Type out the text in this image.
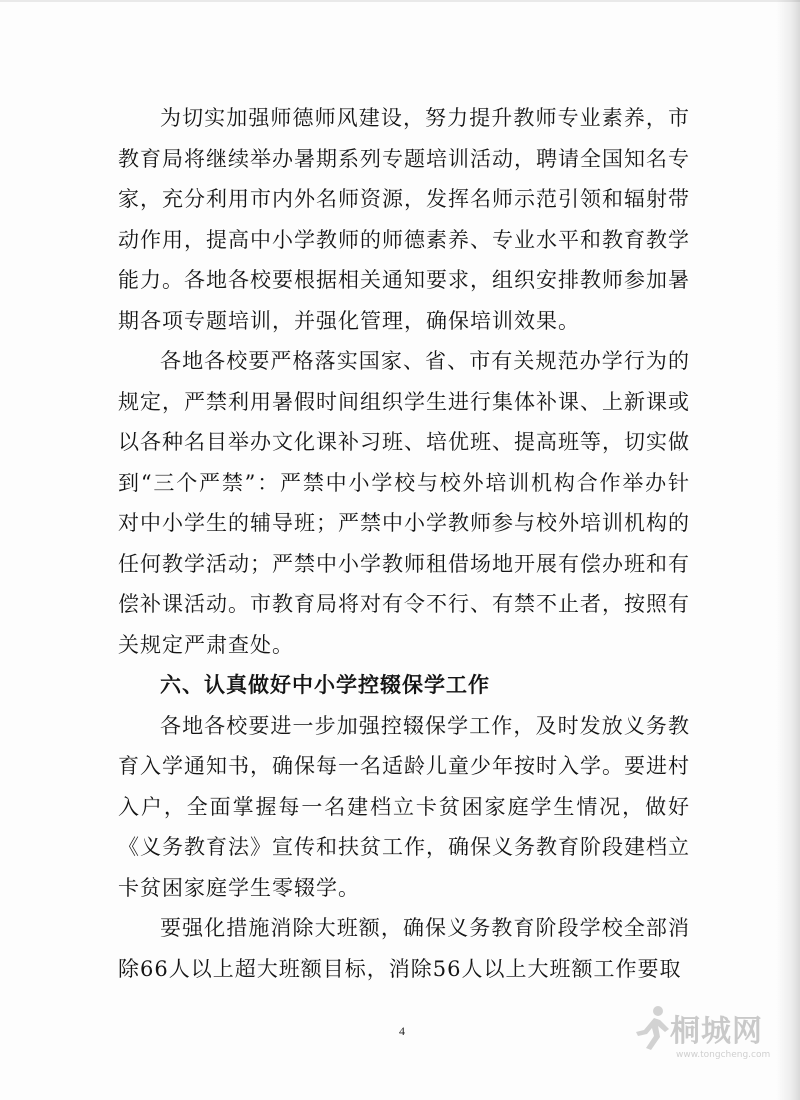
为切实加强师德师风建设，努力提升教师专业素养，市教育局将继续举办暑期系列专题培训活动，聘请全国知名专家，充分利用市内外名师资源，发挥名师示范引领和辐射带动作用，提高中小学教师的师德素养、专业水平和教育教学能力。各地各校要根据相关通知要求，组织安排教师参加暑期各项专题培训，并强化管理，确保培训效果。

各地各校要严格落实国家、省、市有关规范办学行为的规定，严禁利用暑假时间组织学生进行集体补课、上新课或以各种名目举办文化课补习班、培优班、提高班等，切实做到“三个严禁”：严禁中小学校与校外培训机构合作举办针对中小学生的辅导班；严禁中小学教师参与校外培训机构的任何教学活动；严禁中小学教师租借场地开展有偿办班和有偿补课活动。市教育局将对有令不行、有禁不止者，按照有关规定严肃查处。

六、认真做好中小学控辍保学工作

各地各校要进一步加强控辍保学工作，及时发放义务教育入学通知书，确保每一名适龄儿童少年按时入学。要进村入户，全面掌握每一名建档立卡贫困家庭学生情况，做好《义务教育法》宣传和扶贫工作，确保义务教育阶段建档立卡贫困家庭学生零辍学。

要强化措施消除大班额，确保义务教育阶段学校全部消除66人以上超大班额目标，消除56人以上大班额工作要取

4	桐城网
www.tongcheng.com
